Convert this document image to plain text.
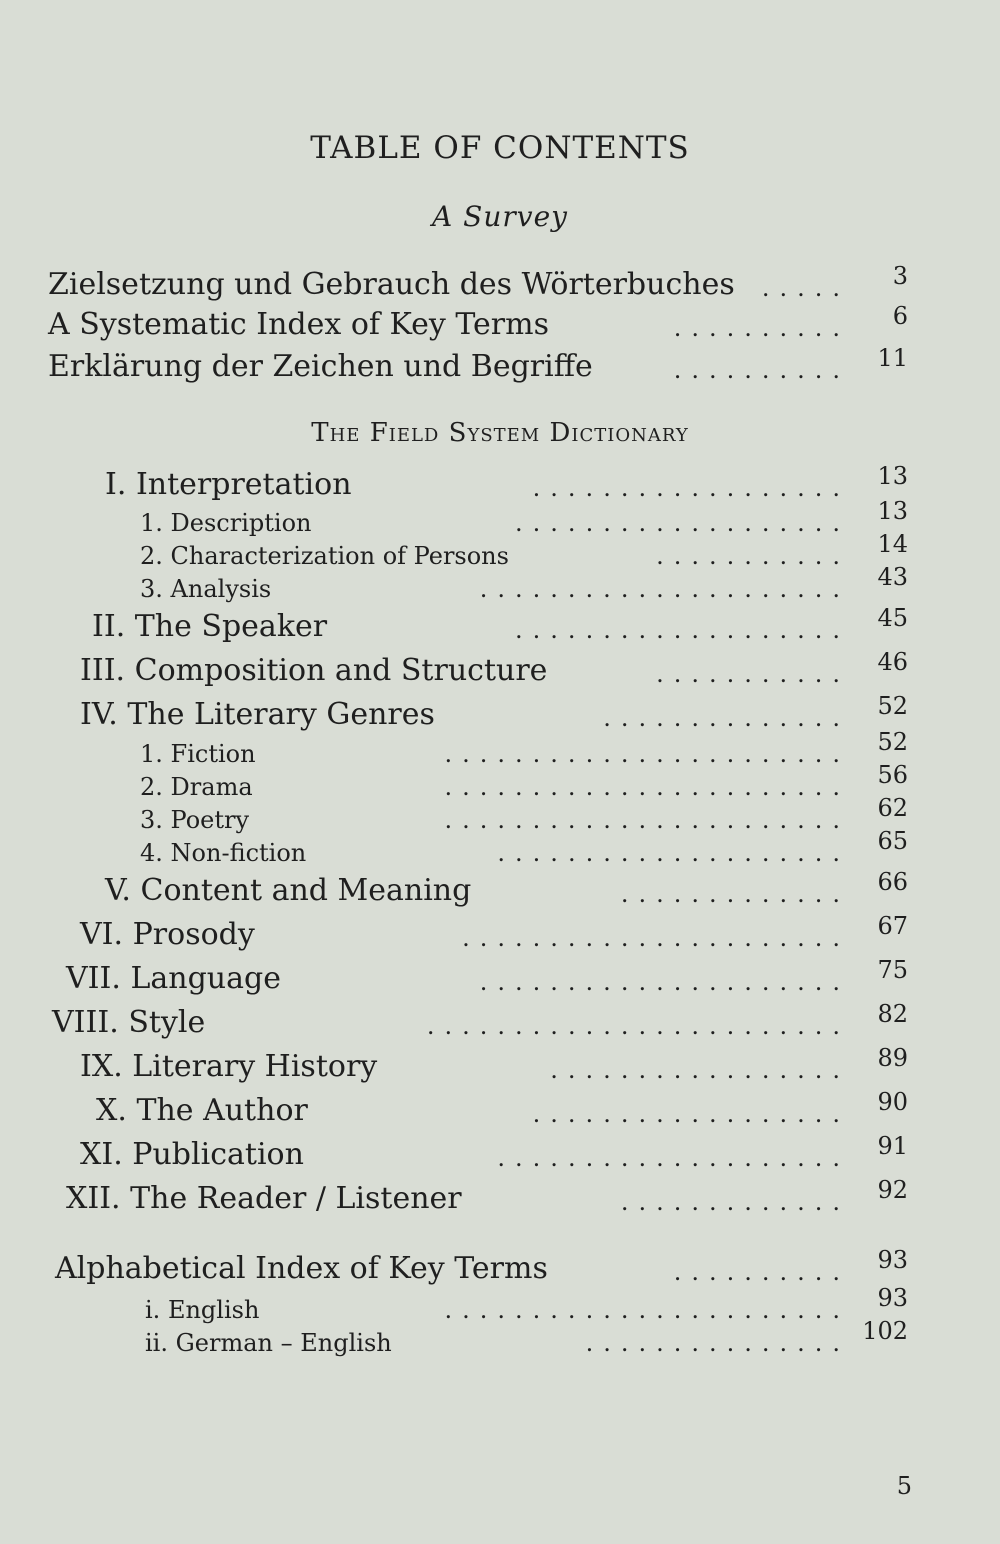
TABLE OF CONTENTS
A Survey
Zielsetzung und Gebrauch des Wörterbuches	.....	3
A Systematic Index of Key Terms	..........	6
Erklärung der Zeichen und Begriffe	..........	11
The Field System Dictionary
I. Interpretation	..................	13
1. Description	...................	13
2. Characterization of Persons	...........	14
3. Analysis	.....................	43
II. The Speaker	...................	45
III. Composition and Structure	...........	46
IV. The Literary Genres	..............	52
1. Fiction	.......................	52
2. Drama	.......................	56
3. Poetry	.......................	62
4. Non-fiction	....................	65
V. Content and Meaning	.............	66
VI. Prosody	......................	67
VII. Language	.....................	75
VIII. Style	........................	82
IX. Literary History	.................	89
X. The Author	..................	90
XI. Publication	....................	91
XII. The Reader / Listener	.............	92
Alphabetical Index of Key Terms	..........	93
i. English	.......................	93
ii. German – English	............... 102
5
